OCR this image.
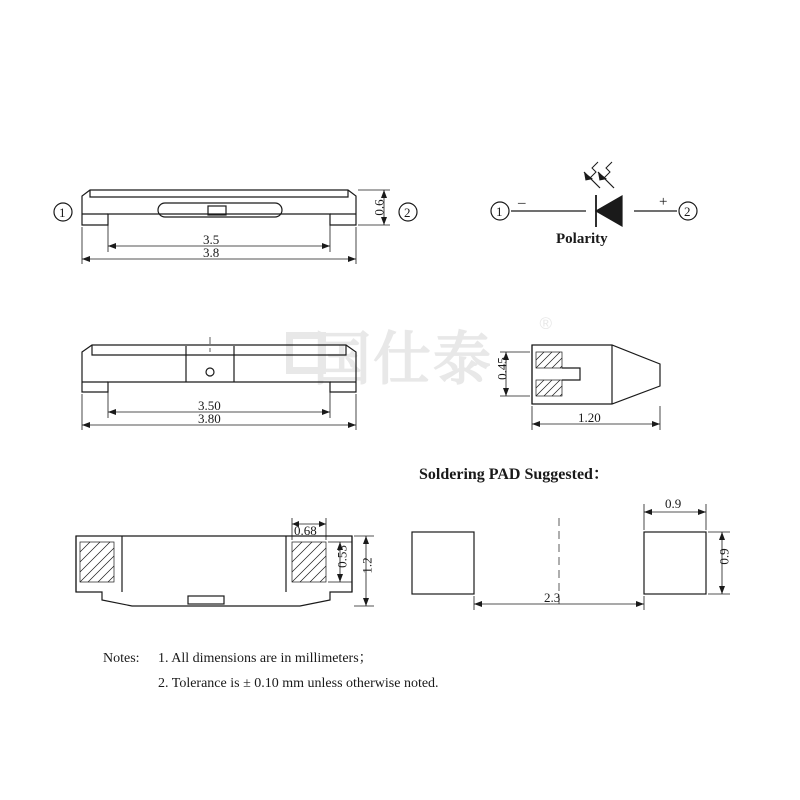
国仕泰
®
3.5
3.8
0.6
1	2	1	2
–	+
Polarity
3.50
3.80
0.45
1.20
0.68
0.53 1.2
Soldering PAD Suggested：
0.9
0.9
2.3
Notes: 1. All dimensions are in millimeters；
2. Tolerance is ± 0.10 mm unless otherwise noted.
